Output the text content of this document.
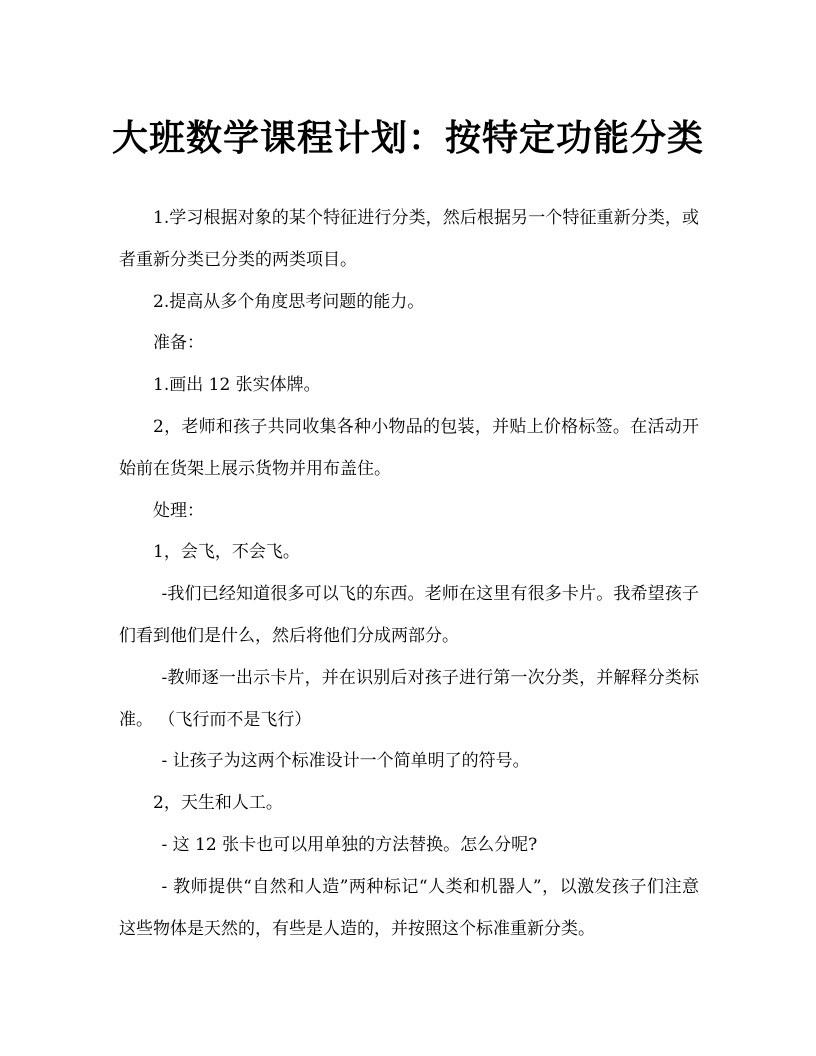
大班数学课程计划：按特定功能分类

1.学习根据对象的某个特征进行分类，然后根据另一个特征重新分类，或者重新分类已分类的两类项目。

2.提高从多个角度思考问题的能力。

准备：

1.画出 12 张实体牌。

2，老师和孩子共同收集各种小物品的包装，并贴上价格标签。在活动开始前在货架上展示货物并用布盖住。

处理：

1，会飞，不会飞。

-我们已经知道很多可以飞的东西。老师在这里有很多卡片。我希望孩子们看到他们是什么，然后将他们分成两部分。

-教师逐一出示卡片，并在识别后对孩子进行第一次分类，并解释分类标准。 （飞行而不是飞行）

- 让孩子为这两个标准设计一个简单明了的符号。

2，天生和人工。

- 这 12 张卡也可以用单独的方法替换。怎么分呢?

- 教师提供“自然和人造”两种标记“人类和机器人”，以激发孩子们注意这些物体是天然的，有些是人造的，并按照这个标准重新分类。
